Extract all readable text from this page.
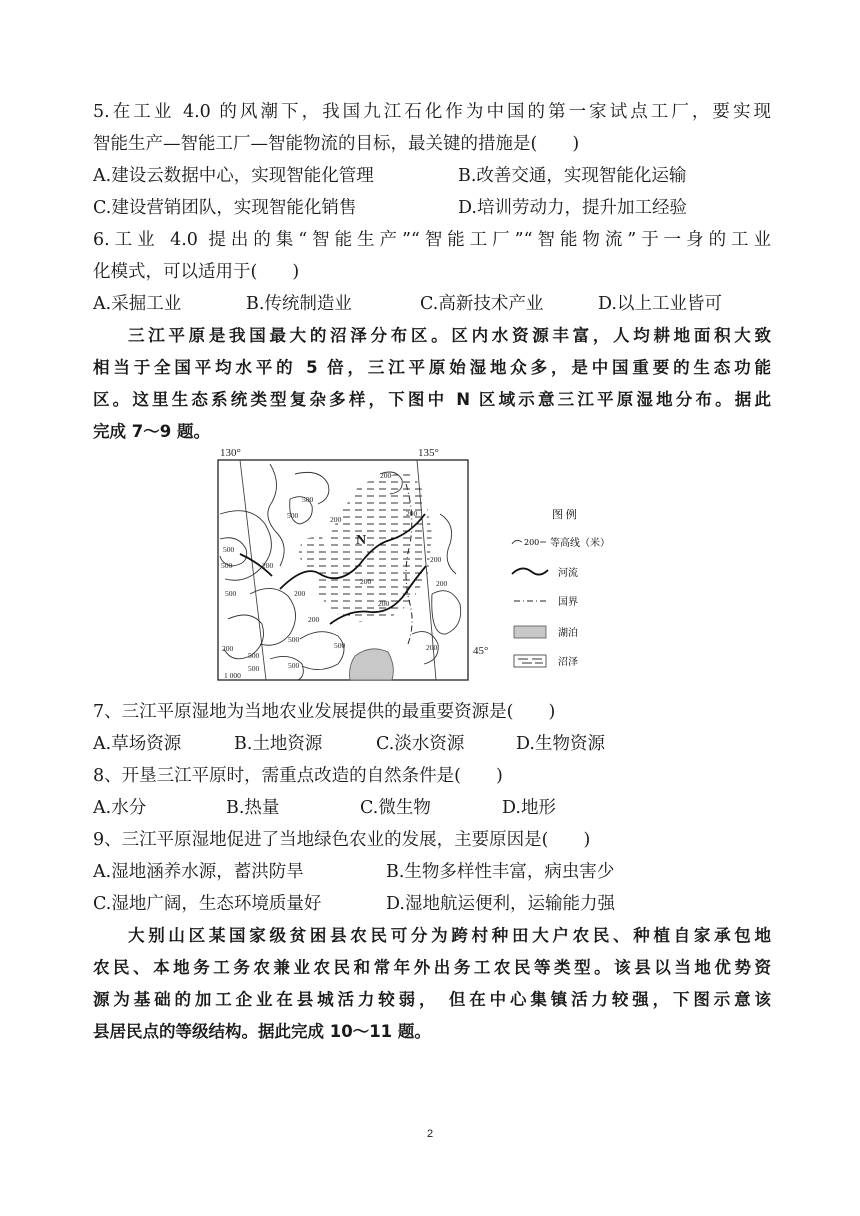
5.在工业 4.0 的风潮下，我国九江石化作为中国的第一家试点工厂，要实现
智能生产—智能工厂—智能物流的目标，最关键的措施是(　　)
A.建设云数据中心，实现智能化管理	B.改善交通，实现智能化运输
C.建设营销团队，实现智能化销售	D.培训劳动力，提升加工经验
6.工业 4.0 提出的集“智能生产”“智能工厂”“智能物流”于一身的工业
化模式，可以适用于(　　)
A.采掘工业	B.传统制造业	C.高新技术产业	D.以上工业皆可
三江平原是我国最大的沼泽分布区。区内水资源丰富，人均耕地面积大致
相当于全国平均水平的 5 倍，三江平原始湿地众多，是中国重要的生态功能
区。这里生态系统类型复杂多样，下图中 N 区域示意三江平原湿地分布。据此
完成 7～9 题。
130°	135°
45°
N
200
500
500
500
500
500
200
200
200
200
200
200
200
500
500
500
200
500
200
500
1 000
200
200
图 例
200 等高线（米）
河流
国界
湖泊
沼泽
7、三江平原湿地为当地农业发展提供的最重要资源是(　　)
A.草场资源	B.土地资源	C.淡水资源	D.生物资源
8、开垦三江平原时，需重点改造的自然条件是(　　)
A.水分	B.热量	C.微生物	D.地形
9、三江平原湿地促进了当地绿色农业的发展，主要原因是(　　)
A.湿地涵养水源，蓄洪防旱	B.生物多样性丰富，病虫害少
C.湿地广阔，生态环境质量好	D.湿地航运便利，运输能力强
大别山区某国家级贫困县农民可分为跨村种田大户农民、种植自家承包地
农民、本地务工务农兼业农民和常年外出务工农民等类型。该县以当地优势资
源为基础的加工企业在县城活力较弱， 但在中心集镇活力较强，下图示意该
县居民点的等级结构。据此完成 10～11 题。
2
